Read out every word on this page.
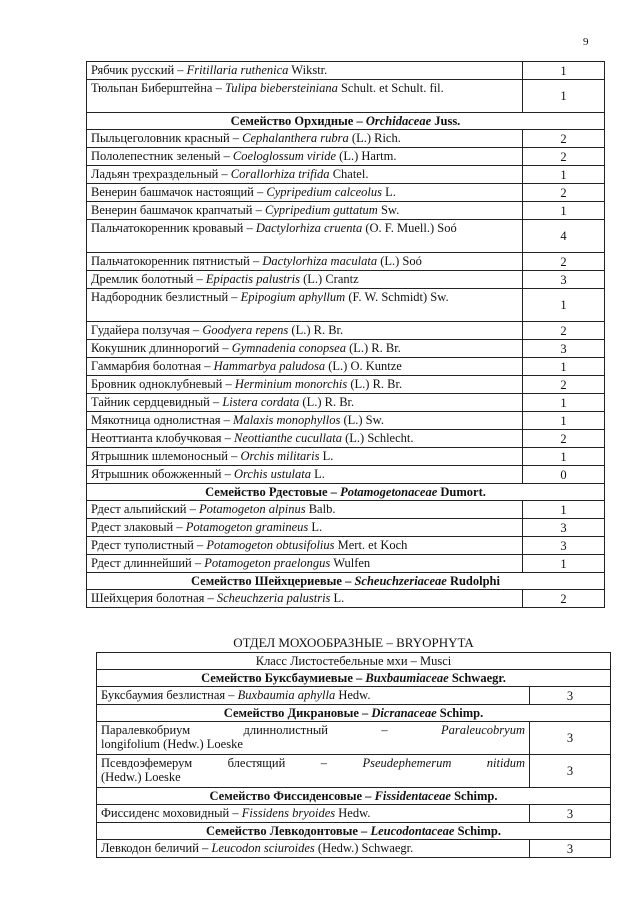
9
Рябчик русский – Fritillaria ruthenica Wikstr.	1
Тюльпан Биберштейна – Tulipa biebersteiniana Schult. et Schult. fil.	1
Семейство Орхидные – Orchidaceae Juss.	
Пыльцеголовник красный – Cephalanthera rubra (L.) Rich.	2
Пололепестник зеленый – Coeloglossum viride (L.) Hartm.	2
Ладьян трехраздельный – Corallorhiza trifida Chatel.	1
Венерин башмачок настоящий – Cypripedium calceolus L.	2
Венерин башмачок крапчатый – Cypripedium guttatum Sw.	1
Пальчатокоренник кровавый – Dactylorhiza cruenta (O. F. Muell.) Soó	4
Пальчатокоренник пятнистый – Dactylorhiza maculata (L.) Soó	2
Дремлик болотный – Epipactis palustris (L.) Crantz	3
Надбородник безлистный – Epipogium aphyllum (F. W. Schmidt) Sw.	1
Гудайера ползучая – Goodyera repens (L.) R. Br.	2
Кокушник длиннорогий – Gymnadenia conopsea (L.) R. Br.	3
Гаммарбия болотная – Hammarbya paludosa (L.) O. Kuntze	1
Бровник одноклубневый – Herminium monorchis (L.) R. Br.	2
Тайник сердцевидный – Listera cordata (L.) R. Br.	1
Мякотница однолистная – Malaxis monophyllos (L.) Sw.	1
Неоттианта клобучковая – Neottianthe cucullata (L.) Schlecht.	2
Ятрышник шлемоносный – Orchis militaris L.	1
Ятрышник обожженный – Orchis ustulata L.	0
Семейство Рдестовые – Potamogetonaceae Dumort.	
Рдест альпийский – Potamogeton alpinus Balb.	1
Рдест злаковый – Potamogeton gramineus L.	3
Рдест туполистный – Potamogeton obtusifolius Mert. et Koch	3
Рдест длиннейший – Potamogeton praelongus Wulfen	1
Семейство Шейхцериевые – Scheuchzeriaceae Rudolphi	
Шейхцерия болотная – Scheuchzeria palustris L.	2
ОТДЕЛ МОХООБРАЗНЫЕ – BRYOPHYTA	
Класс Листостебельные мхи – Musci	
Семейство Буксбаумиевые – Buxbaumiaceae Schwaegr.	
Буксбаумия безлистная – Buxbaumia aphylla Hedw.	3
Семейство Дикрановые – Dicranaceae Schimp.	

Паралевкобриум длиннолистный – Paraleucobryum
longifolium (Hedw.) Loeske	3

Псевдоэфемерум блестящий – Pseudephemerum nitidum
(Hedw.) Loeske	3
Семейство Фиссиденсовые – Fissidentaceae Schimp.	
Фиссиденс моховидный – Fissidens bryoides Hedw.	3
Семейство Левкодонтовые – Leucodontaceae Schimp.	
Левкодон беличий – Leucodon sciuroides (Hedw.) Schwaegr.	3
